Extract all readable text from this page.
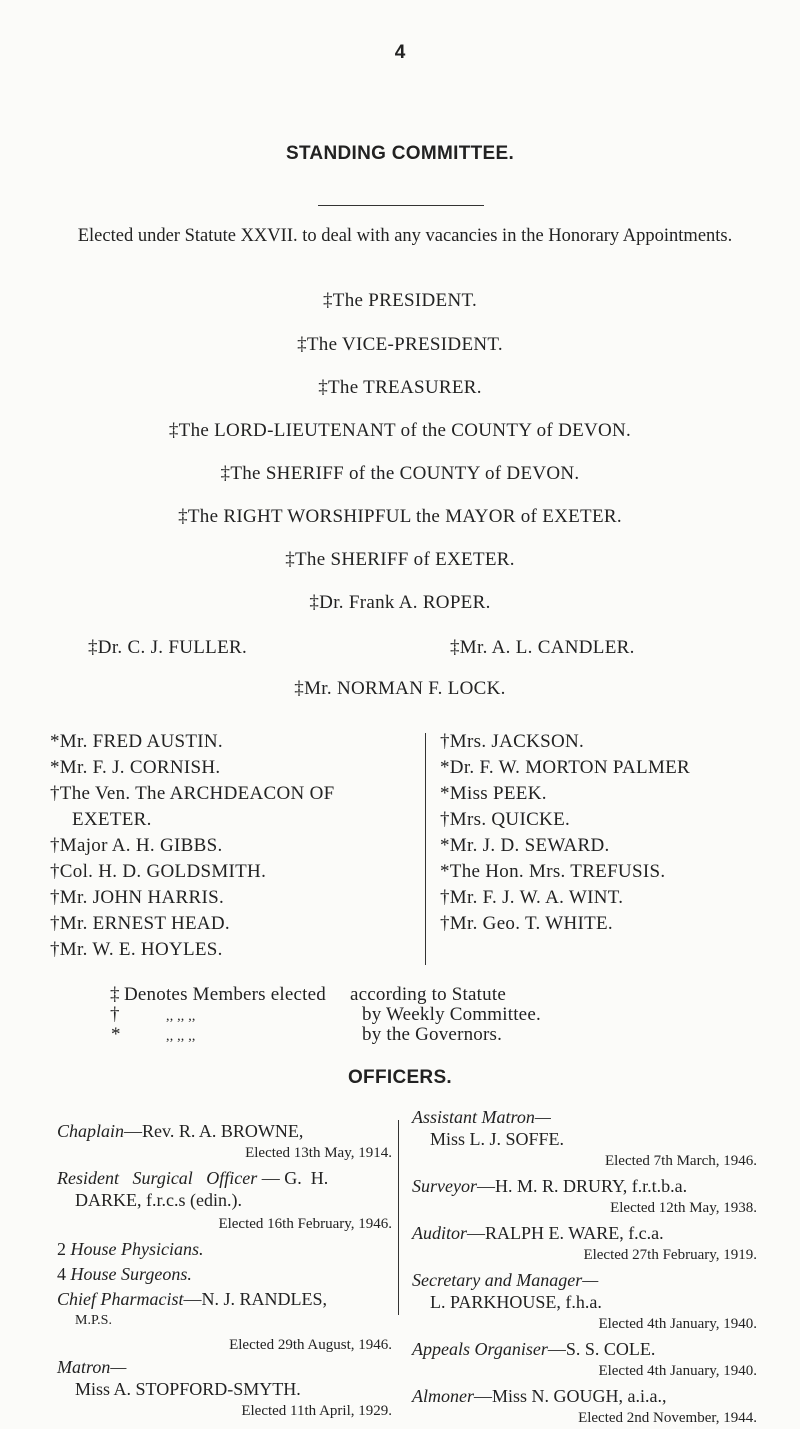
4
STANDING COMMITTEE.
Elected under Statute XXVII. to deal with any vacancies in the Honorary Appointments.
‡The PRESIDENT.
‡The VICE-PRESIDENT.
‡The TREASURER.
‡The LORD-LIEUTENANT of the COUNTY of DEVON.
‡The SHERIFF of the COUNTY of DEVON.
‡The RIGHT WORSHIPFUL the MAYOR of EXETER.
‡The SHERIFF of EXETER.
‡Dr. Frank A. ROPER.
‡Dr. C. J. FULLER.	‡Mr. A. L. CANDLER.
‡Mr. NORMAN F. LOCK.
*Mr. FRED AUSTIN.
*Mr. F. J. CORNISH.
†The Ven. The ARCHDEACON OF
EXETER.
†Major A. H. GIBBS.
†Col. H. D. GOLDSMITH.
†Mr. JOHN HARRIS.
†Mr. ERNEST HEAD.
†Mr. W. E. HOYLES.
†Mrs. JACKSON.
*Dr. F. W. MORTON PALMER
*Miss PEEK.
†Mrs. QUICKE.
*Mr. J. D. SEWARD.
*The Hon. Mrs. TREFUSIS.
†Mr. F. J. W. A. WINT.
†Mr. Geo. T. WHITE.
‡ Denotes Members elected according to Statute
†	,, ,, ,,	by Weekly Committee.
*	,, ,, ,,	by the Governors.
OFFICERS.
Chaplain—Rev. R. A. BROWNE,
Elected 13th May, 1914.
Resident   Surgical   Officer — G.  H.
DARKE, f.r.c.s (edin.).
Elected 16th February, 1946.
2 House Physicians.
4 House Surgeons.
Chief Pharmacist—N. J. RANDLES,
M.P.S.
Elected 29th August, 1946.
Matron—
Miss A. STOPFORD-SMYTH.
Elected 11th April, 1929.
Assistant Matron—
Miss L. J. SOFFE.
Elected 7th March, 1946.
Surveyor—H. M. R. DRURY, f.r.t.b.a.
Elected 12th May, 1938.
Auditor—RALPH E. WARE, f.c.a.
Elected 27th February, 1919.
Secretary and Manager—
L. PARKHOUSE, f.h.a.
Elected 4th January, 1940.
Appeals Organiser—S. S. COLE.
Elected 4th January, 1940.
Almoner—Miss N. GOUGH, a.i.a.,
Elected 2nd November, 1944.
